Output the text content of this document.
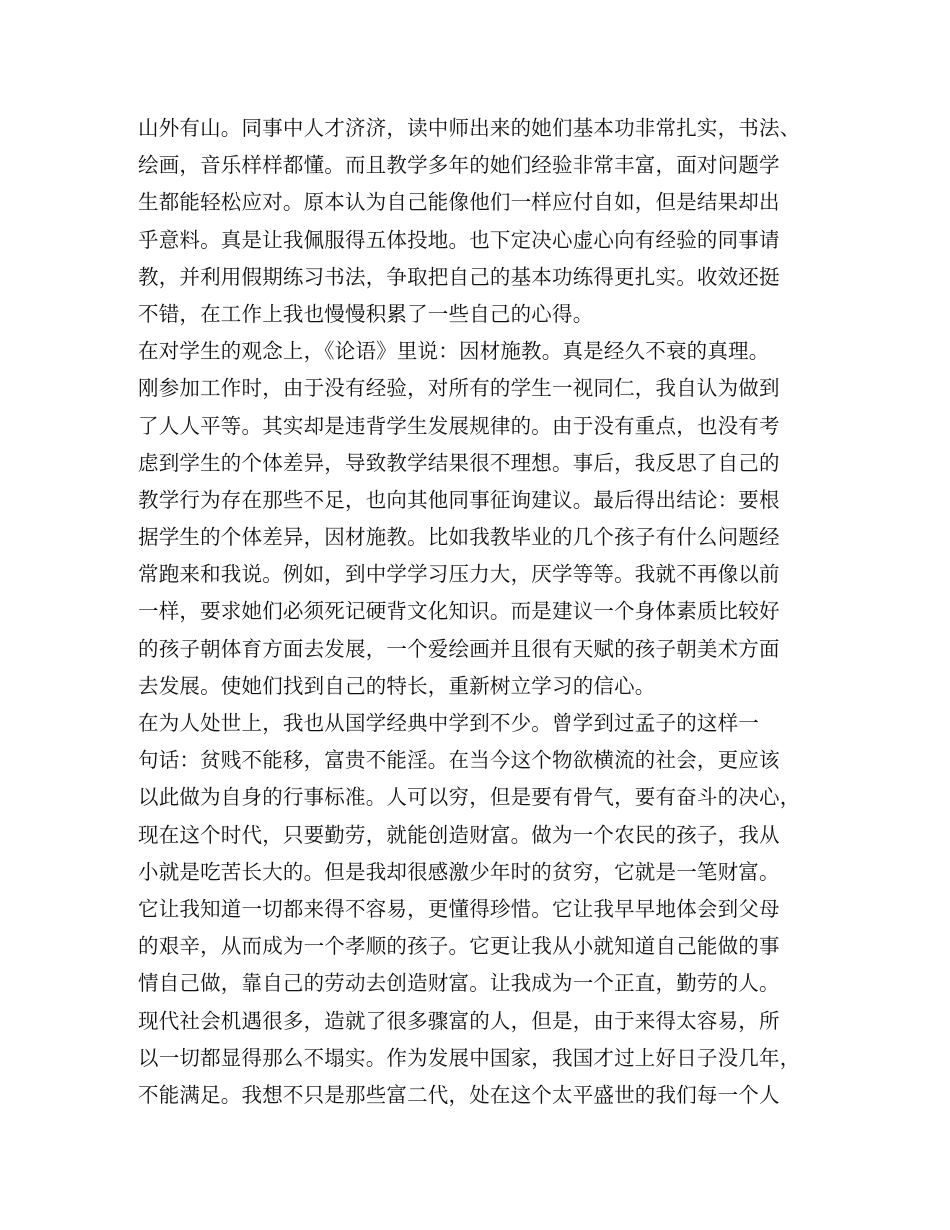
山外有山。同事中人才济济，读中师出来的她们基本功非常扎实，书法、
绘画，音乐样样都懂。而且教学多年的她们经验非常丰富，面对问题学
生都能轻松应对。原本认为自己能像他们一样应付自如，但是结果却出
乎意料。真是让我佩服得五体投地。也下定决心虚心向有经验的同事请
教，并利用假期练习书法，争取把自己的基本功练得更扎实。收效还挺
不错，在工作上我也慢慢积累了一些自己的心得。
在对学生的观念上，《论语》里说：因材施教。真是经久不衰的真理。
刚参加工作时，由于没有经验，对所有的学生一视同仁，我自认为做到
了人人平等。其实却是违背学生发展规律的。由于没有重点，也没有考
虑到学生的个体差异，导致教学结果很不理想。事后，我反思了自己的
教学行为存在那些不足，也向其他同事征询建议。最后得出结论：要根
据学生的个体差异，因材施教。比如我教毕业的几个孩子有什么问题经
常跑来和我说。例如，到中学学习压力大，厌学等等。我就不再像以前
一样，要求她们必须死记硬背文化知识。而是建议一个身体素质比较好
的孩子朝体育方面去发展，一个爱绘画并且很有天赋的孩子朝美术方面
去发展。使她们找到自己的特长，重新树立学习的信心。
在为人处世上，我也从国学经典中学到不少。曾学到过孟子的这样一
句话：贫贱不能移，富贵不能淫。在当今这个物欲横流的社会，更应该
以此做为自身的行事标准。人可以穷，但是要有骨气，要有奋斗的决心，
现在这个时代，只要勤劳，就能创造财富。做为一个农民的孩子，我从
小就是吃苦长大的。但是我却很感激少年时的贫穷，它就是一笔财富。
它让我知道一切都来得不容易，更懂得珍惜。它让我早早地体会到父母
的艰辛，从而成为一个孝顺的孩子。它更让我从小就知道自己能做的事
情自己做，靠自己的劳动去创造财富。让我成为一个正直，勤劳的人。
现代社会机遇很多，造就了很多骤富的人，但是，由于来得太容易，所
以一切都显得那么不塌实。作为发展中国家，我国才过上好日子没几年，
不能满足。我想不只是那些富二代，处在这个太平盛世的我们每一个人
